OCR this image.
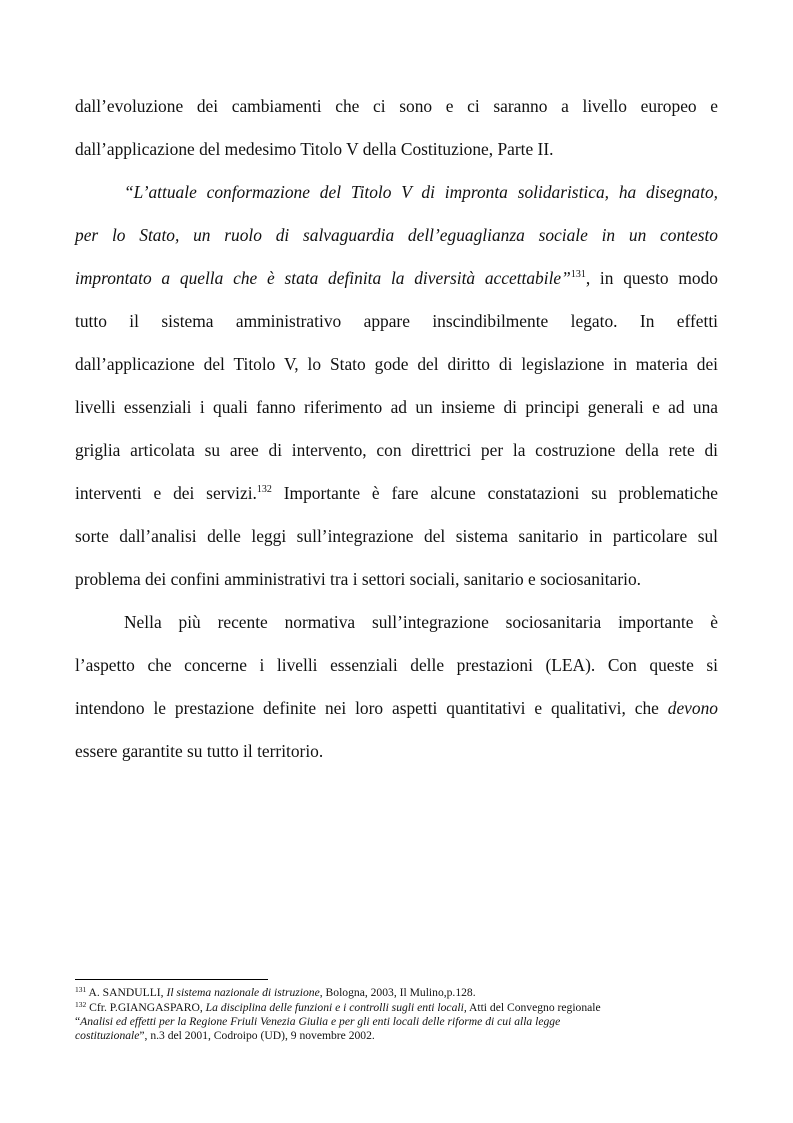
dall’evoluzione dei cambiamenti che ci sono e ci saranno a livello europeo e
dall’applicazione del medesimo Titolo V della Costituzione, Parte II.
“L’attuale conformazione del Titolo V di impronta solidaristica, ha disegnato,
per lo Stato, un ruolo di salvaguardia dell’eguaglianza sociale in un contesto
improntato a quella che è stata definita la diversità accettabile”$^{131}$, in questo modo
tutto il sistema amministrativo appare inscindibilmente legato. In effetti
dall’applicazione del Titolo V, lo Stato gode del diritto di legislazione in materia dei
livelli essenziali i quali fanno riferimento ad un insieme di principi generali e ad una
griglia articolata su aree di intervento, con direttrici per la costruzione della rete di
interventi e dei servizi.$^{132}$ Importante è fare alcune constatazioni su problematiche
sorte dall’analisi delle leggi sull’integrazione del sistema sanitario in particolare sul
problema dei confini amministrativi tra i settori sociali, sanitario e sociosanitario.
Nella più recente normativa sull’integrazione sociosanitaria importante è
l’aspetto che concerne i livelli essenziali delle prestazioni (LEA). Con queste si
intendono le prestazione definite nei loro aspetti quantitativi e qualitativi, che devono
essere garantite su tutto il territorio.
$^{131}$ A. SANDULLI, Il sistema nazionale di istruzione, Bologna, 2003, Il Mulino,p.128.
$^{132}$ Cfr. P.GIANGASPARO, La disciplina delle funzioni e i controlli sugli enti locali, Atti del Convegno regionale
“Analisi ed effetti per la Regione Friuli Venezia Giulia e per gli enti locali delle riforme di cui alla legge
costituzionale”, n.3 del 2001, Codroipo (UD), 9 novembre 2002.
